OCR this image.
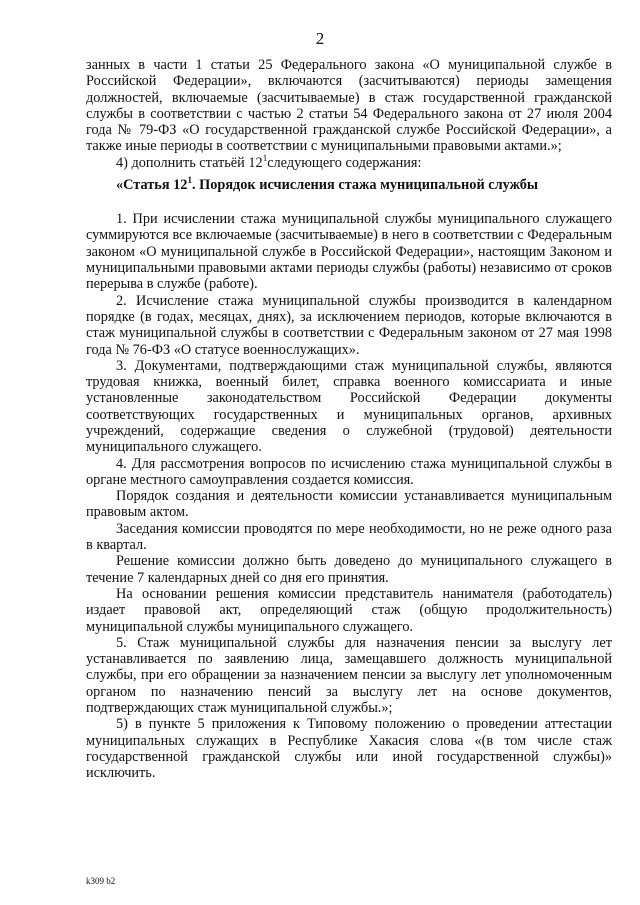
2

занных в части 1 статьи 25 Федерального закона «О муниципальной службе в Российской Федерации», включаются (засчитываются) периоды замещения должностей, включаемые (засчитываемые) в стаж государственной гражданской службы в соответствии с частью 2 статьи 54 Федерального закона от 27 июля 2004 года № 79-ФЗ «О государственной гражданской службе Российской Федерации», а также иные периоды в соответствии с муниципальными правовыми актами.»;

4) дополнить статьёй $12^1следующего$ содержания:

«Статья $12^1$. Порядок исчисления стажа муниципальной службы

1. При исчислении стажа муниципальной службы муниципального служащего суммируются все включаемые (засчитываемые) в него в соответствии с Федеральным законом «О муниципальной службе в Российской Федерации», настоящим Законом и муниципальными правовыми актами периоды службы (работы) независимо от сроков перерыва в службе (работе).

2. Исчисление стажа муниципальной службы производится в календарном порядке (в годах, месяцах, днях), за исключением периодов, которые включаются в стаж муниципальной службы в соответствии с Федеральным законом от 27 мая 1998 года № 76-ФЗ «О статусе военнослужащих».

3. Документами, подтверждающими стаж муниципальной службы, являются трудовая книжка, военный билет, справка военного комиссариата и иные установленные законодательством Российской Федерации документы соответствующих государственных и муниципальных органов, архивных учреждений, содержащие сведения о служебной (трудовой) деятельности муниципального служащего.

4. Для рассмотрения вопросов по исчислению стажа муниципальной службы в органе местного самоуправления создается комиссия.

Порядок создания и деятельности комиссии устанавливается муниципальным правовым актом.

Заседания комиссии проводятся по мере необходимости, но не реже одного раза в квартал.

Решение комиссии должно быть доведено до муниципального служащего в течение 7 календарных дней со дня его принятия.

На основании решения комиссии представитель нанимателя (работодатель) издает правовой акт, определяющий стаж (общую продолжительность) муниципальной службы муниципального служащего.

5. Стаж муниципальной службы для назначения пенсии за выслугу лет устанавливается по заявлению лица, замещавшего должность муниципальной службы, при его обращении за назначением пенсии за выслугу лет уполномоченным органом по назначению пенсий за выслугу лет на основе документов, подтверждающих стаж муниципальной службы.»;

5) в пункте 5 приложения к Типовому положению о проведении аттестации муниципальных служащих в Республике Хакасия слова «(в том числе стаж государственной гражданской службы или иной государственной службы)» исключить.

k309 b2
